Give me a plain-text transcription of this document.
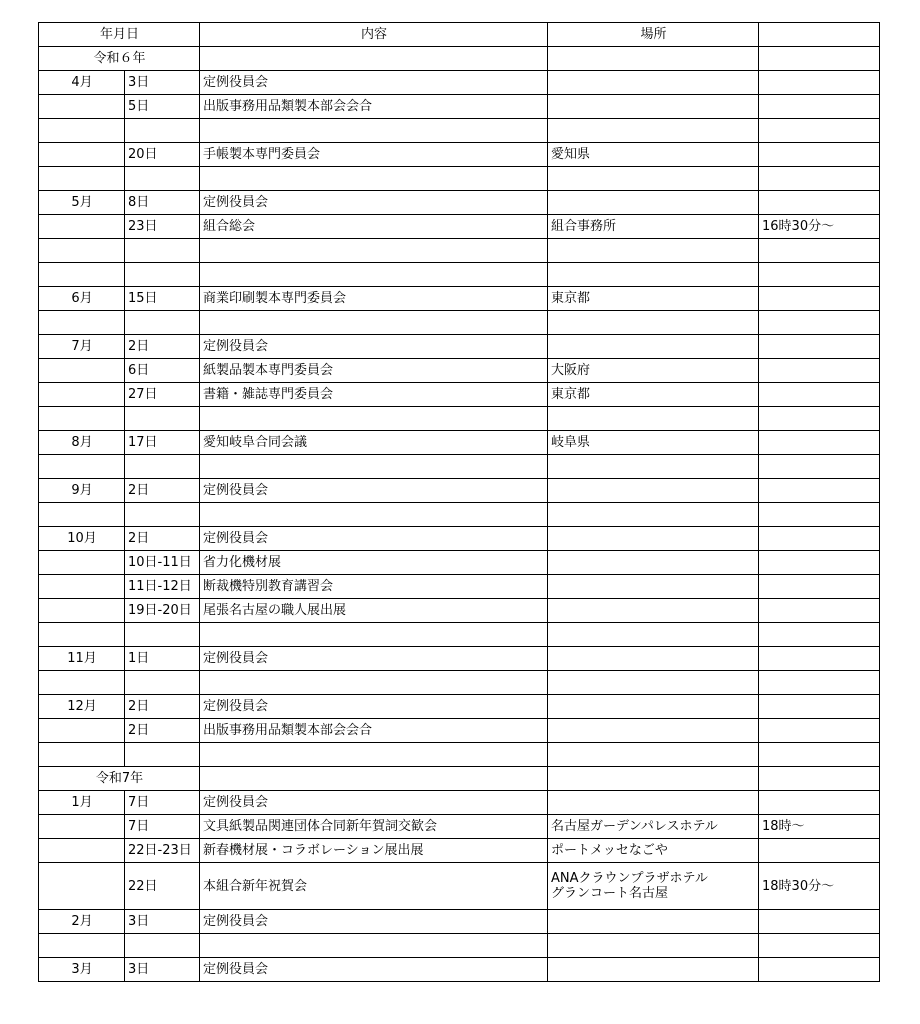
年月日		内容	場所	
令和６年				
4月	3日	定例役員会		
	5日	出版事務用品類製本部会会合		

	20日	手帳製本専門委員会	愛知県	

5月	8日	定例役員会		
	23日	組合総会	組合事務所	16時30分～

6月	15日	商業印刷製本専門委員会	東京都	

7月	2日	定例役員会		
	6日	紙製品製本専門委員会	大阪府	
	27日	書籍・雑誌専門委員会	東京都	

8月	17日	愛知岐阜合同会議	岐阜県	

9月	2日	定例役員会		

10月	2日	定例役員会		
	10日-11日	省力化機材展		
	11日-12日	断裁機特別教育講習会		
	19日-20日	尾張名古屋の職人展出展		

11月	1日	定例役員会		

12月	2日	定例役員会		
	2日	出版事務用品類製本部会会合		

令和7年				
1月	7日	定例役員会		
	7日	文具紙製品関連団体合同新年賀詞交歓会	名古屋ガーデンパレスホテル	18時～
	22日-23日	新春機材展・コラボレーション展出展	ポートメッセなごや	
	22日	本組合新年祝賀会	ANAクラウンプラザホテル
グランコート名古屋	18時30分～
2月	3日	定例役員会		

3月	3日	定例役員会		
